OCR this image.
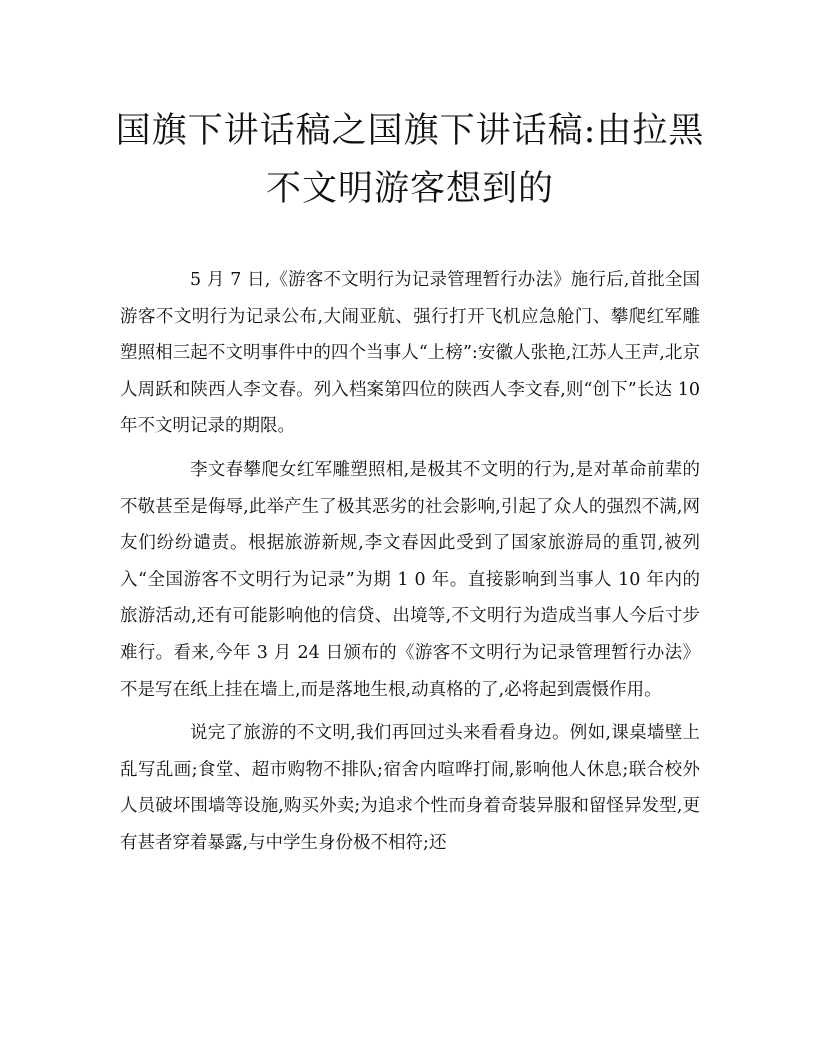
国旗下讲话稿之国旗下讲话稿:由拉黑不文明游客想到的

5 月 7 日,《游客不文明行为记录管理暂行办法》施行后,首批全国游客不文明行为记录公布,大闹亚航、强行打开飞机应急舱门、攀爬红军雕塑照相三起不文明事件中的四个当事人“上榜”:安徽人张艳,江苏人王声,北京人周跃和陕西人李文春。列入档案第四位的陕西人李文春,则“创下”长达 10 年不文明记录的期限。

李文春攀爬女红军雕塑照相,是极其不文明的行为,是对革命前辈的不敬甚至是侮辱,此举产生了极其恶劣的社会影响,引起了众人的强烈不满,网友们纷纷谴责。根据旅游新规,李文春因此受到了国家旅游局的重罚,被列入“全国游客不文明行为记录”为期 1 0 年。直接影响到当事人 10 年内的旅游活动,还有可能影响他的信贷、出境等,不文明行为造成当事人今后寸步难行。看来,今年 3 月 24 日颁布的《游客不文明行为记录管理暂行办法》不是写在纸上挂在墙上,而是落地生根,动真格的了,必将起到震慑作用。

说完了旅游的不文明,我们再回过头来看看身边。例如,课桌墙壁上乱写乱画;食堂、超市购物不排队;宿舍内喧哗打闹,影响他人休息;联合校外人员破坏围墙等设施,购买外卖;为追求个性而身着奇装异服和留怪异发型,更有甚者穿着暴露,与中学生身份极不相符;还
